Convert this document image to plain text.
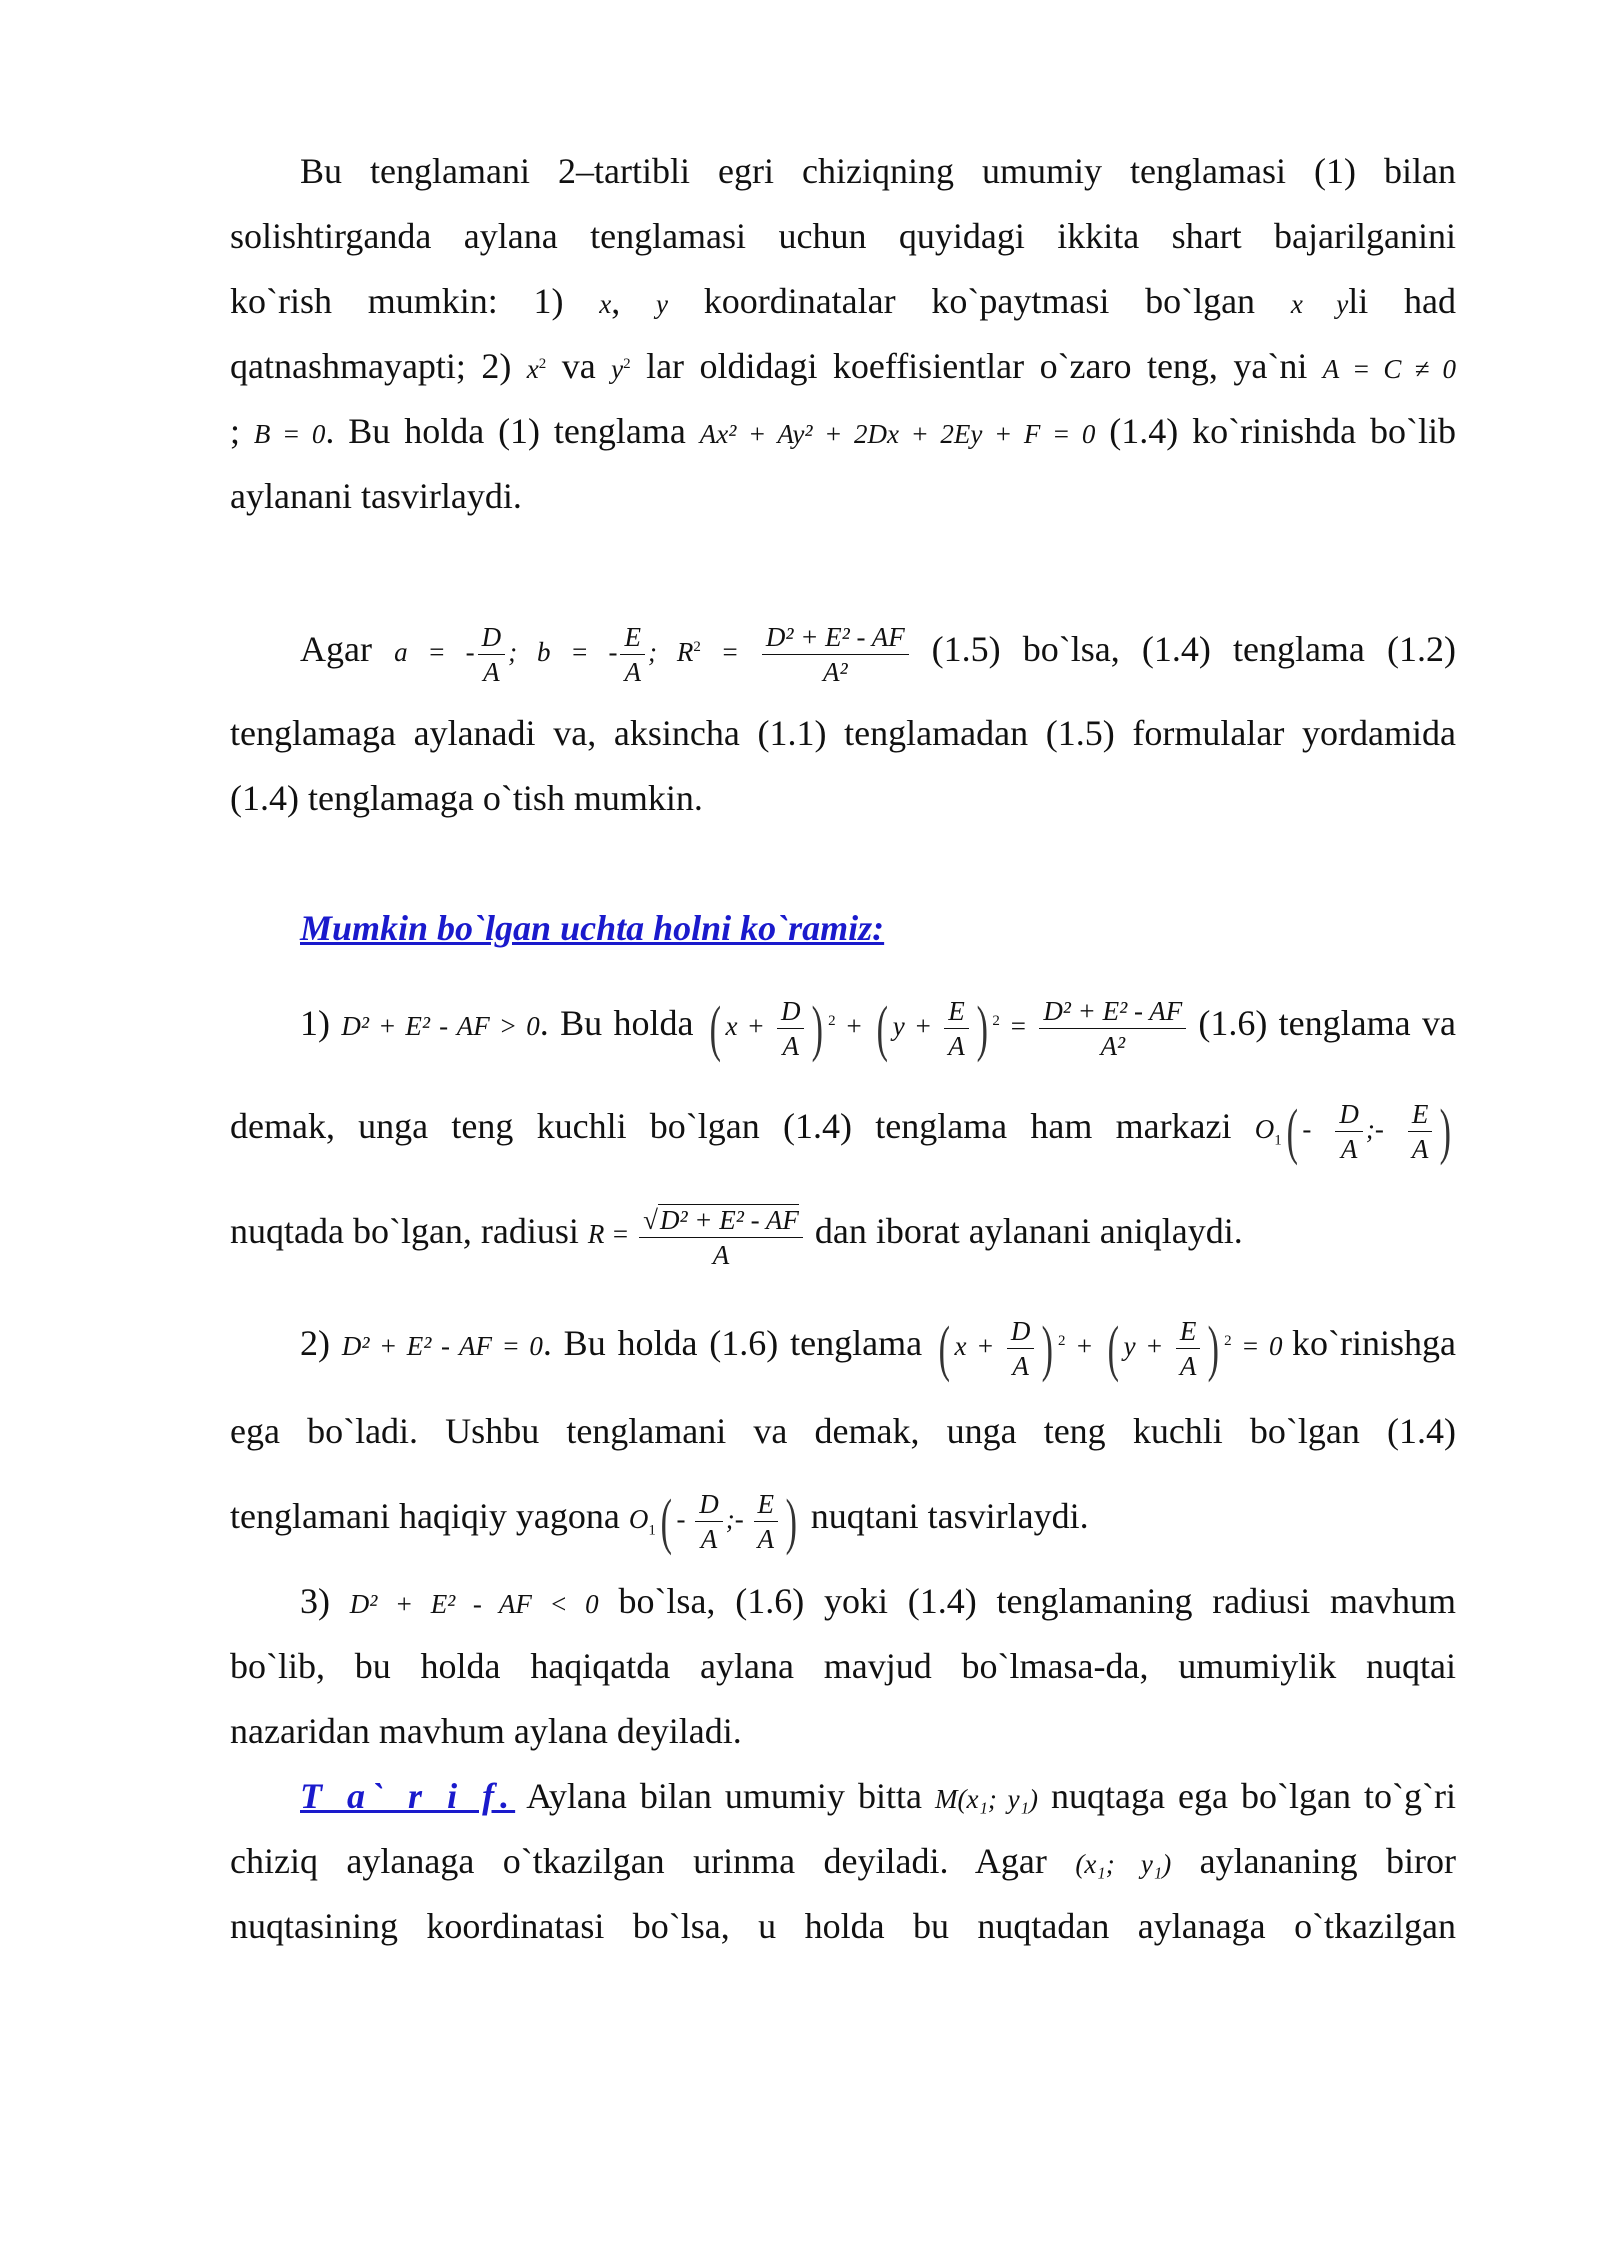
Bu tenglamani 2–tartibli egri chiziqning umumiy tenglamasi (1) bilan
solishtirganda aylana tenglamasi uchun quyidagi ikkita shart bajarilganini
ko`rish mumkin: 1) x, y koordinatalar ko`paytmasi bo`lgan x yli had
qatnashmayapti; 2) $x^2$ va $y^2$ lar oldidagi koeffisientlar o`zaro teng, ya`ni A = C ≠ 0
; B = 0. Bu holda (1) tenglama Ax² + Ay² + 2Dx + 2Ey + F = 0 (1.4) ko`rinishda bo`lib
aylanani tasvirlaydi.
Agar a = - $\frac{D}{A}$ ; b = - $\frac{E}{A}$ ; $R^2 = \frac{\text{D² + E² - AF}}{\text{A²}} (1.5)$ bo`lsa, (1.4) tenglama (1.2)
tenglamaga aylanadi va, aksincha (1.1) tenglamadan (1.5) formulalar yordamida
(1.4) tenglamaga o`tish mumkin.
Mumkin bo`lgan uchta holni ko`ramiz:
1) D² + E² - AF > 0. Bu holda ( $x + \frac{D}{A}$ ) $^2$ + ( $y + \frac{E}{A}$ ) $^2 = \frac{\text{D² + E² - AF}}{\text{A²}} (1.6)$ tenglama va
demak, unga teng kuchli bo`lgan (1.4) tenglama ham markazi $O_1( - \frac{D}{A}$ ;- $\frac{E}{A}$ )
nuqtada bo`lgan, radiusi $R = \frac{\text{√D² + E² - AF}}{A}$ dan iborat aylanani aniqlaydi.
2) D² + E² - AF = 0. Bu holda (1.6) tenglama ( $x + \frac{D}{A}$ ) $^2$ + ( $y + \frac{E}{A}$ ) $^2$ = 0 ko`rinishga
ega bo`ladi. Ushbu tenglamani va demak, unga teng kuchli bo`lgan (1.4)
tenglamani haqiqiy yagona $O_1( - \frac{D}{A}$ ;- $\frac{E}{A}$ ) nuqtani tasvirlaydi.
3) D² + E² - AF < 0 bo`lsa, (1.6) yoki (1.4) tenglamaning radiusi mavhum
bo`lib, bu holda haqiqatda aylana mavjud bo`lmasa-da, umumiylik nuqtai
nazaridan mavhum aylana deyiladi.
T a` r i f. Aylana bilan umumiy bitta M(x₁; y₁) nuqtaga ega bo`lgan to`g`ri
chiziq aylanaga o`tkazilgan urinma deyiladi. Agar (x₁; y₁) aylananing biror
nuqtasining koordinatasi bo`lsa, u holda bu nuqtadan aylanaga o`tkazilgan
